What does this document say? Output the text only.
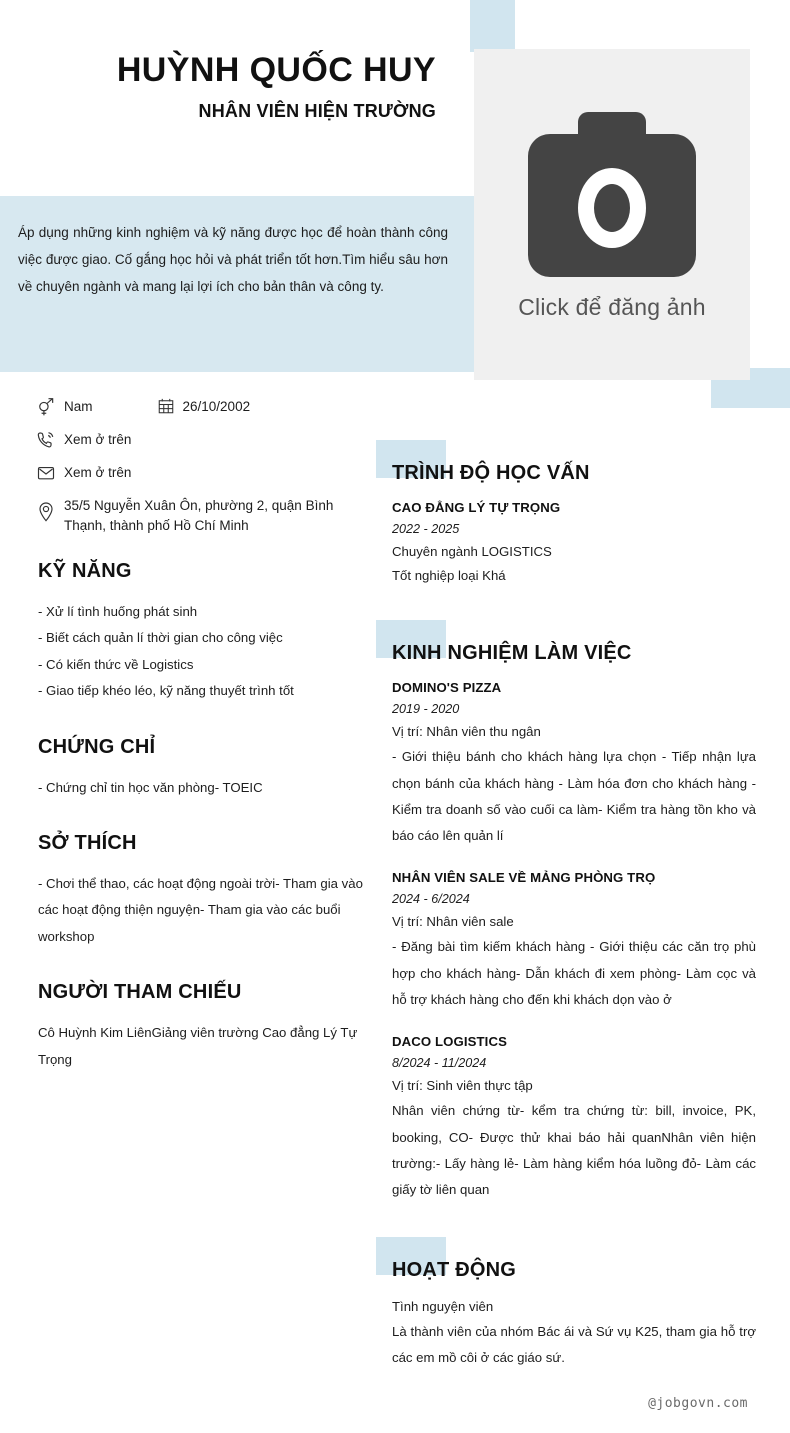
Click để đăng ảnh
HUỲNH QUỐC HUY
NHÂN VIÊN HIỆN TRƯỜNG
Áp dụng những kinh nghiệm và kỹ năng được học để hoàn thành công việc được giao. Cố gắng học hỏi và phát triển tốt hơn.Tìm hiểu sâu hơn về chuyên ngành và mang lại lợi ích cho bản thân và công ty.
Nam	26/10/2002
Xem ở trên
Xem ở trên
35/5 Nguyễn Xuân Ôn, phường 2, quận Bình Thạnh, thành phố Hồ Chí Minh
KỸ NĂNG
- Xử lí tình huống phát sinh
- Biết cách quản lí thời gian cho công việc
- Có kiến thức về Logistics
- Giao tiếp khéo léo, kỹ năng thuyết trình tốt
CHỨNG CHỈ
- Chứng chỉ tin học văn phòng- TOEIC
SỞ THÍCH
- Chơi thể thao, các hoạt động ngoài trời- Tham gia vào các hoạt động thiện nguyện- Tham gia vào các buổi workshop
NGƯỜI THAM CHIẾU
Cô Huỳnh Kim LiênGiảng viên trường Cao đẳng Lý Tự Trọng
TRÌNH ĐỘ HỌC VẤN
CAO ĐẲNG LÝ TỰ TRỌNG
2022 - 2025
Chuyên ngành LOGISTICS
Tốt nghiệp loại Khá
KINH NGHIỆM LÀM VIỆC
DOMINO'S PIZZA
2019 - 2020
Vị trí: Nhân viên thu ngân
- Giới thiệu bánh cho khách hàng lựa chọn - Tiếp nhận lựa chọn bánh của khách hàng - Làm hóa đơn cho khách hàng - Kiểm tra doanh số vào cuối ca làm- Kiểm tra hàng tồn kho và báo cáo lên quản lí
NHÂN VIÊN SALE VỀ MẢNG PHÒNG TRỌ
2024 - 6/2024
Vị trí: Nhân viên sale
- Đăng bài tìm kiếm khách hàng - Giới thiệu các căn trọ phù hợp cho khách hàng- Dẫn khách đi xem phòng- Làm cọc và hỗ trợ khách hàng cho đến khi khách dọn vào ở
DACO LOGISTICS
8/2024 - 11/2024
Vị trí: Sinh viên thực tập
Nhân viên chứng từ- kểm tra chứng từ: bill, invoice, PK, booking, CO- Được thử khai báo hải quanNhân viên hiện trường:- Lấy hàng lẻ- Làm hàng kiểm hóa luồng đỏ- Làm các giấy tờ liên quan
HOẠT ĐỘNG
Tình nguyện viên
Là thành viên của nhóm Bác ái và Sứ vụ K25, tham gia hỗ trợ các em mồ côi ở các giáo sứ.
@jobgovn.com
